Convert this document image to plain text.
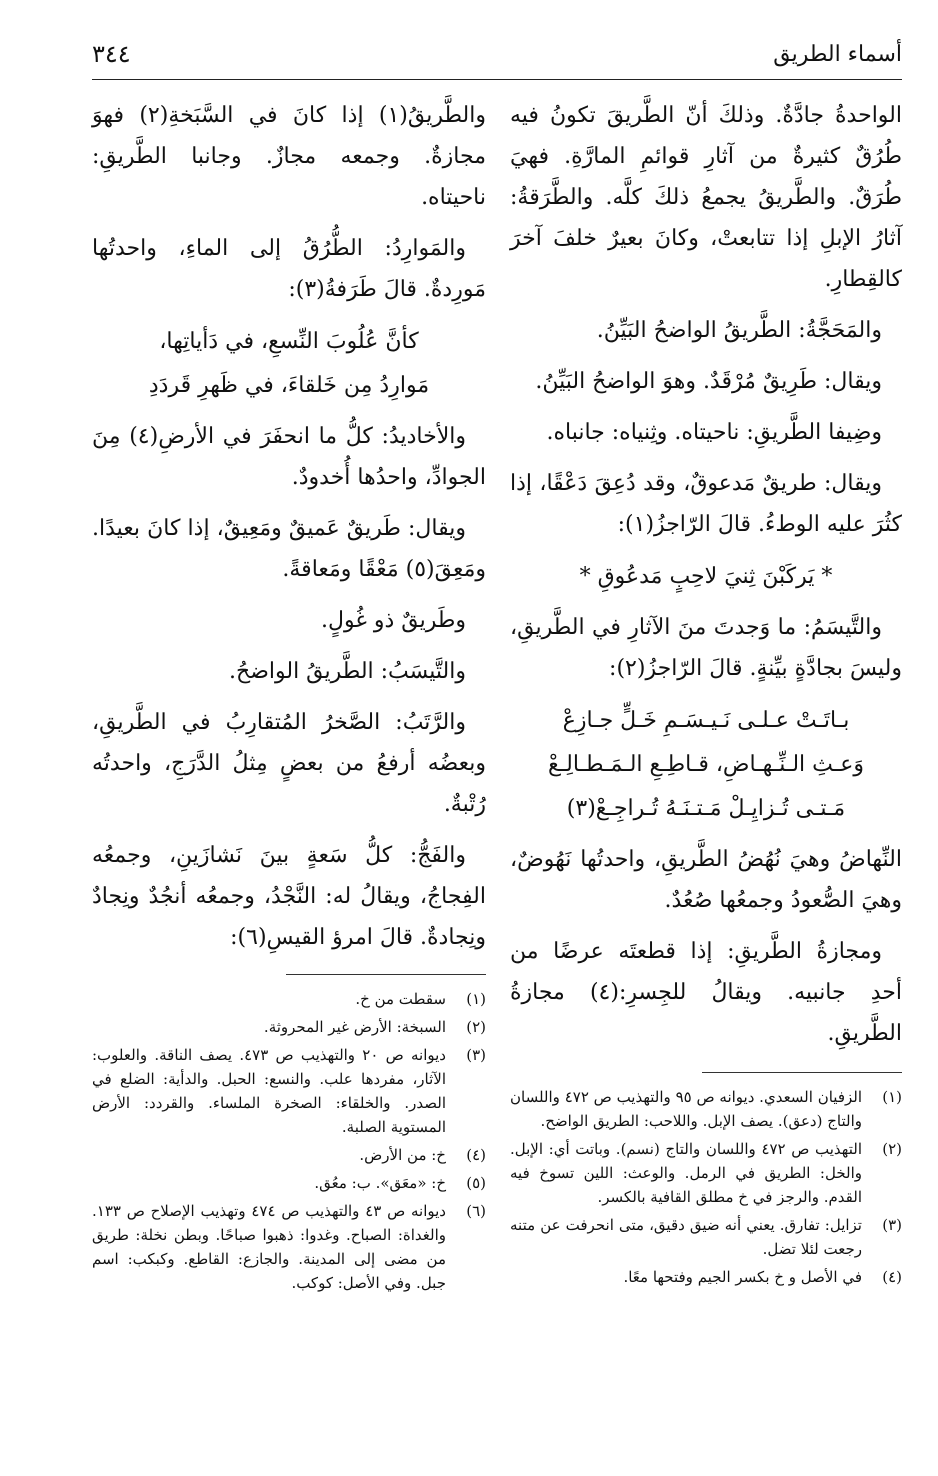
أسماء الطريق
٣٤٤

الواحدةُ جادَّةٌ. وذلكَ أنّ الطَّريقَ تكونُ فيه طُرُقٌ كثيرةٌ من آثارِ قوائمِ المارَّةِ. فهيَ طُرَقٌ. والطَّريقُ يجمعُ ذلكَ كلَّه. والطَّرَقةُ: آثارُ الإبلِ إذا تتابعتْ، وكانَ بعيرٌ خلفَ آخرَ كالقِطارِ.

والمَحَجَّةُ: الطَّريقُ الواضحُ البَيِّنُ.

ويقال: طَرِيقٌ مُرْقَدٌ. وهوَ الواضحُ البَيِّنُ.

وضِيفا الطَّريقِ: ناحيتاه. وثِنياه: جانباه.

ويقال: طريقٌ مَدعوقٌ، وقد دُعِقَ دَعْقًا، إذا كثُرَ عليه الوطءُ. قالَ الرّاجزُ(١):

* يَركَبْنَ ثِنيَ لاحِبٍ مَدعُوقِ *

والتَّيسَمُ: ما وَجدتَ منَ الآثارِ في الطَّريقِ، وليسَ بجادَّةٍ بيِّنةٍ. قالَ الرّاجزُ(٢):

بـاتَـتْ عـلـى نَـيـسَـمِ خَـلٍّ جـازِعْ
وَعـثِ الـنِّـهـاضِ، قـاطِـعِ الـمَـطـالِـعْ
مَـتـى تُـزايِـلْ مَـتـنَـهُ تُـراجِـعْ(٣)

النِّهاضُ وهيَ نُهُضُ الطَّريقِ، واحدتُها نَهُوضٌ، وهيَ الصُّعودُ وجمعُها صُعُدٌ.

ومجازةُ الطَّريقِ: إذا قطعتَه عرضًا من أحدِ جانبيه. ويقالُ للجِسرِ:(٤) مجازةُ الطَّريقِ.

(١)
الزفيان السعدي. ديوانه ص ٩٥ والتهذيب ص ٤٧٢ واللسان والتاج (دعق). يصف الإبل. واللاحب: الطريق الواضح.
(٢)
التهذيب ص ٤٧٢ واللسان والتاج (نسم). وباتت أي: الإبل. والخل: الطريق في الرمل. والوعث: اللين تسوخ فيه القدم. والرجز في خ مطلق القافية بالكسر.
(٣)
تزايل: تفارق. يعني أنه ضيق دقيق، متى انحرفت عن متنه رجعت لئلا تضل.
(٤)
في الأصل و خ بكسر الجيم وفتحها معًا.

والطَّريقُ(١) إذا كانَ في السَّبَخةِ(٢) فهوَ مجازةٌ. وجمعه مجازٌ. وجانبا الطَّريقِ: ناحيتاه.

والمَوارِدُ: الطُّرُقُ إلى الماءِ، واحدتُها مَورِدةٌ. قالَ طَرَفةُ(٣):

كأنَّ عُلُوبَ النِّسعِ، في دَأياتِها،
مَوارِدُ مِن خَلقاءَ، في ظَهرِ قَردَدِ

والأخاديدُ: كلُّ ما انحفَرَ في الأرضِ(٤) مِنَ الجوادِّ، واحدُها أُخدودٌ.

ويقال: طَريقٌ عَميقٌ ومَعِيقٌ، إذا كانَ بعيدًا. ومَعِقَ(٥) مَعْقًا ومَعاقةً.

وطَريقٌ ذو غُولٍ.

والتَّيسَبُ: الطَّريقُ الواضحُ.

والرَّتَبُ: الصَّخرُ المُتقارِبُ في الطَّريقِ، وبعضُه أرفعُ من بعضٍ مِثلُ الدَّرَجِ، واحدتُه رُتْبةٌ.

والفَجُّ: كلُّ سَعةٍ بينَ نَشازَينِ، وجمعُه الفِجاجُ، ويقالُ له: النَّجْدُ، وجمعُه أنجُدٌ ونِجادٌ ونِجادةٌ. قالَ امرؤ القيسِ(٦):

(١)
سقطت من خ.
(٢)
السبخة: الأرض غير المحروثة.
(٣)
ديوانه ص ٢٠ والتهذيب ص ٤٧٣. يصف الناقة. والعلوب: الآثار، مفردها علب. والنسع: الحبل. والدأية: الضلع في الصدر. والخلقاء: الصخرة الملساء. والقردد: الأرض المستوية الصلبة.
(٤)
خ: من الأرض.
(٥)
خ: «معَق». ب: معُق.
(٦)
ديوانه ص ٤٣ والتهذيب ص ٤٧٤ وتهذيب الإصلاح ص ١٣٣. والغداة: الصباح. وغدوا: ذهبوا صباحًا. وبطن نخلة: طريق من مضى إلى المدينة. والجازع: القاطع. وكبكب: اسم جبل. وفي الأصل: كوكب.
